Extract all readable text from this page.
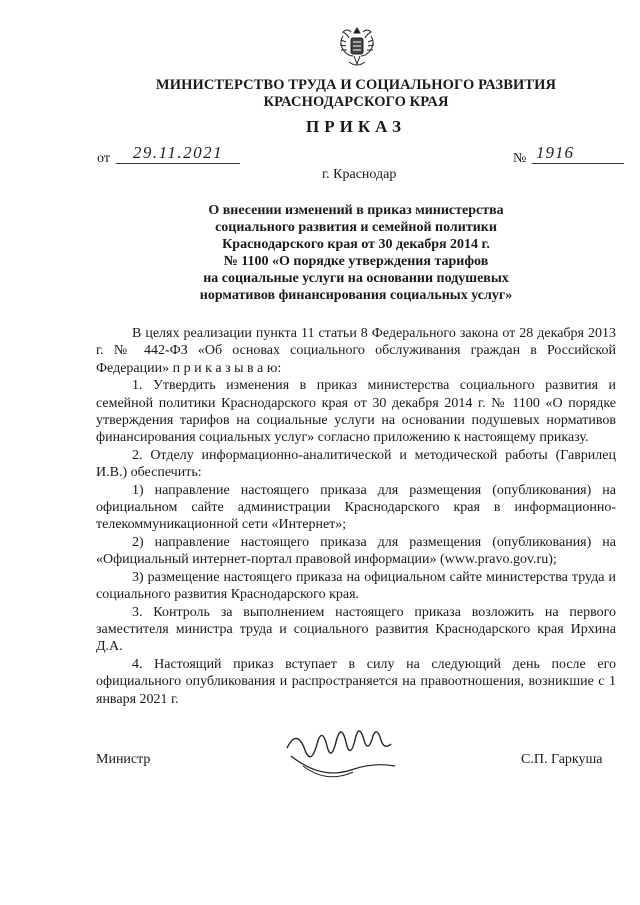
МИНИСТЕРСТВО ТРУДА И СОЦИАЛЬНОГО РАЗВИТИЯ
КРАСНОДАРСКОГО КРАЯ
ПРИКАЗ
от	29.11.2021	№ 1916
г. Краснодар
О внесении изменений в приказ министерства
социального развития и семейной политики
Краснодарского края от 30 декабря 2014 г.
№ 1100 «О порядке утверждения тарифов
на социальные услуги на основании подушевых
нормативов финансирования социальных услуг»

В целях реализации пункта 11 статьи 8 Федерального закона от 28 декабря 2013 г. № 442-ФЗ «Об основах социального обслуживания граждан в Российской Федерации» п р и к а з ы в а ю:

1. Утвердить изменения в приказ министерства социального развития и семейной политики Краснодарского края от 30 декабря 2014 г. № 1100 «О порядке утверждения тарифов на социальные услуги на основании подушевых нормативов финансирования социальных услуг» согласно приложению к настоящему приказу.

2. Отделу информационно-аналитической и методической работы (Гаврилец И.В.) обеспечить:

1) направление настоящего приказа для размещения (опубликования) на официальном сайте администрации Краснодарского края в информационно-телекоммуникационной сети «Интернет»;

2) направление настоящего приказа для размещения (опубликования) на «Официальный интернет-портал правовой информации» (www.pravo.gov.ru);

3) размещение настоящего приказа на официальном сайте министерства труда и социального развития Краснодарского края.

3. Контроль за выполнением настоящего приказа возложить на первого заместителя министра труда и социального развития Краснодарского края Ирхина Д.А.

4. Настоящий приказ вступает в силу на следующий день после его официального опубликования и распространяется на правоотношения, возникшие с 1 января 2021 г.

Министр	С.П. Гаркуша
